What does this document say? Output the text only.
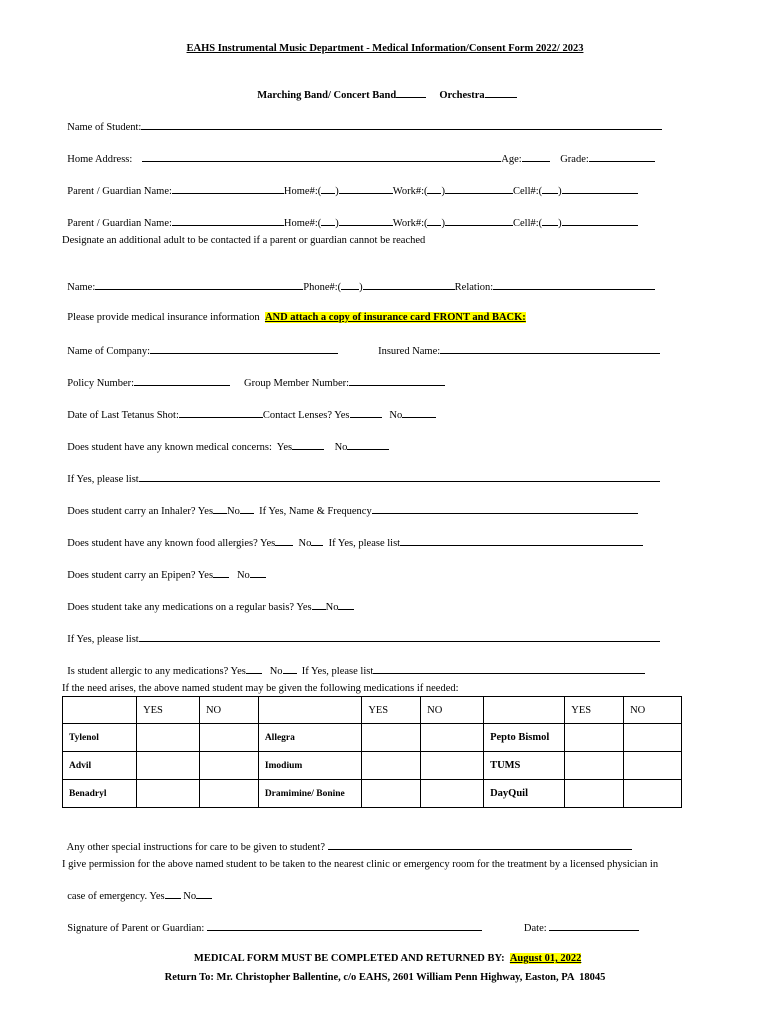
EAHS Instrumental Music Department - Medical Information/Consent Form 2022/ 2023

Marching Band/ Concert Band	Orchestra

Name of Student:

Home Address:	Age:	Grade:

Parent / Guardian Name:	Home#:( )	Work#:( )	Cell#:( )

Parent / Guardian Name:	Home#:( )	Work#:( )	Cell#:( )

Designate an additional adult to be contacted if a parent or guardian cannot be reached

Name:	Phone#:( )	Relation:

Please provide medical insurance information AND attach a copy of insurance card FRONT and BACK:

Name of Company:	Insured Name:

Policy Number:	Group Member Number:

Date of Last Tetanus Shot:	Contact Lenses? Yes	No

Does student have any known medical concerns:  Yes	No

If Yes, please list

Does student carry an Inhaler? Yes No If Yes, Name & Frequency

Does student have any known food allergies? Yes No If Yes, please list

Does student carry an Epipen? Yes No

Does student take any medications on a regular basis? Yes No

If Yes, please list

Is student allergic to any medications? Yes No If Yes, please list

If the need arises, the above named student may be given the following medications if needed:
	YES	NO		YES	NO		YES	NO
Tylenol			Allegra			Pepto Bismol		
Advil			Imodium			TUMS		
Benadryl			Dramimine/ Bonine			DayQuil		

Any other special instructions for care to be given to student?

I give permission for the above named student to be taken to the nearest clinic or emergency room for the treatment by a licensed physician in

case of emergency. Yes No

Signature of Parent or Guardian:	Date:

MEDICAL FORM MUST BE COMPLETED AND RETURNED BY: August 01, 2022

Return To: Mr. Christopher Ballentine, c/o EAHS, 2601 William Penn Highway, Easton, PA  18045
